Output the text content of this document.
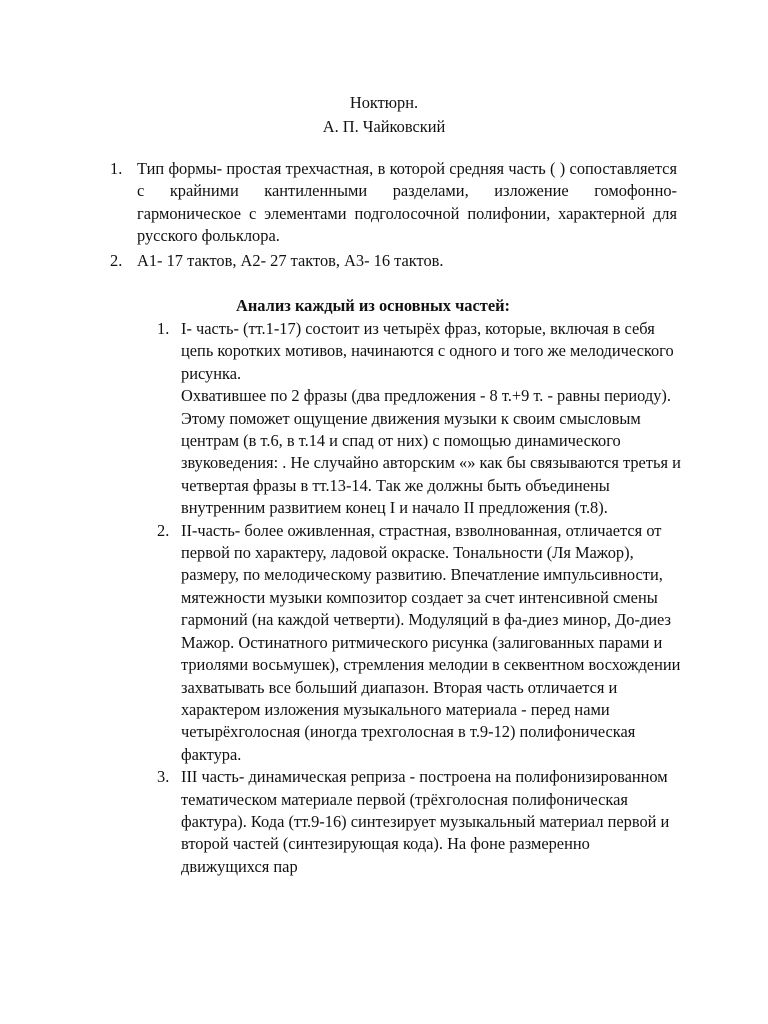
Ноктюрн.
А. П. Чайковский
1. Тип формы- простая трехчастная, в которой средняя часть ( ) сопоставляется с крайними кантиленными разделами, изложение гомофонно- гармоническое с элементами подголосочной полифонии, характерной для русского фольклора.
2. А1- 17 тактов, А2- 27 тактов, А3- 16 тактов.
Анализ каждый из основных частей:
1. I- часть- (тт.1-17) состоит из четырёх фраз, которые, включая в себя цепь коротких мотивов, начинаются с одного и того же мелодического рисунка.

Охватившее по 2 фразы (два предложения - 8 т.+9 т. - равны периоду). Этому поможет ощущение движения музыки к своим смысловым центрам (в т.6, в т.14 и спад от них) с помощью динамического звуковедения: . Не случайно авторским «» как бы связываются третья и четвертая фразы в тт.13-14. Так же должны быть объединены внутренним развитием конец I и начало II предложения (т.8).

2. II-часть- более оживленная, страстная, взволнованная, отличается от первой по характеру, ладовой окраске. Тональности (Ля Мажор), размеру, по мелодическому развитию. Впечатление импульсивности, мятежности музыки композитор создает за счет интенсивной смены гармоний (на каждой четверти). Модуляций в фа-диез минор, До-диез Мажор. Остинатного ритмического рисунка (залигованных парами и триолями восьмушек), стремления мелодии в секвентном восхождении захватывать все больший диапазон. Вторая часть отличается и характером изложения музыкального материала - перед нами четырёхголосная (иногда трехголосная в т.9-12) полифоническая фактура.

3. III часть- динамическая реприза - построена на полифонизированном тематическом материале первой (трёхголосная полифоническая фактура). Кода (тт.9-16) синтезирует музыкальный материал первой и второй частей (синтезирующая кода). На фоне размеренно движущихся пар
